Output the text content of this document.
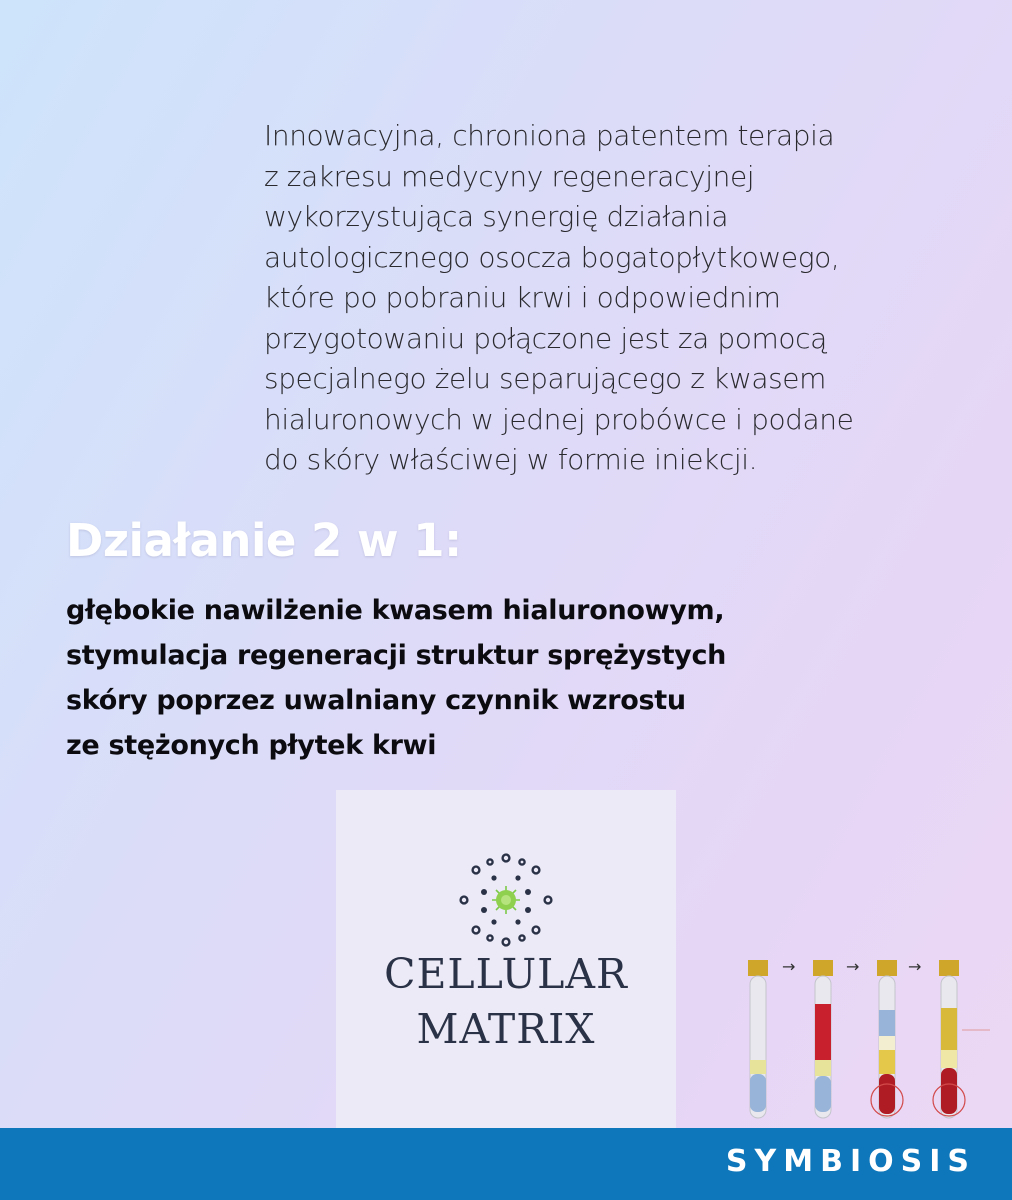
Innowacyjna, chroniona patentem terapia
z zakresu medycyny regeneracyjnej
wykorzystująca synergię działania
autologicznego osocza bogatopłytkowego,
które po pobraniu krwi i odpowiednim
przygotowaniu połączone jest za pomocą
specjalnego żelu separującego z kwasem
hialuronowych w jednej probówce i podane
do skóry właściwej w formie iniekcji.
Działanie 2 w 1:
głębokie nawilżenie kwasem hialuronowym,
stymulacja regeneracji struktur sprężystych
skóry poprzez uwalniany czynnik wzrostu
ze stężonych płytek krwi
CELLULAR
MATRIX
→	→	→
SYMBIOSIS
